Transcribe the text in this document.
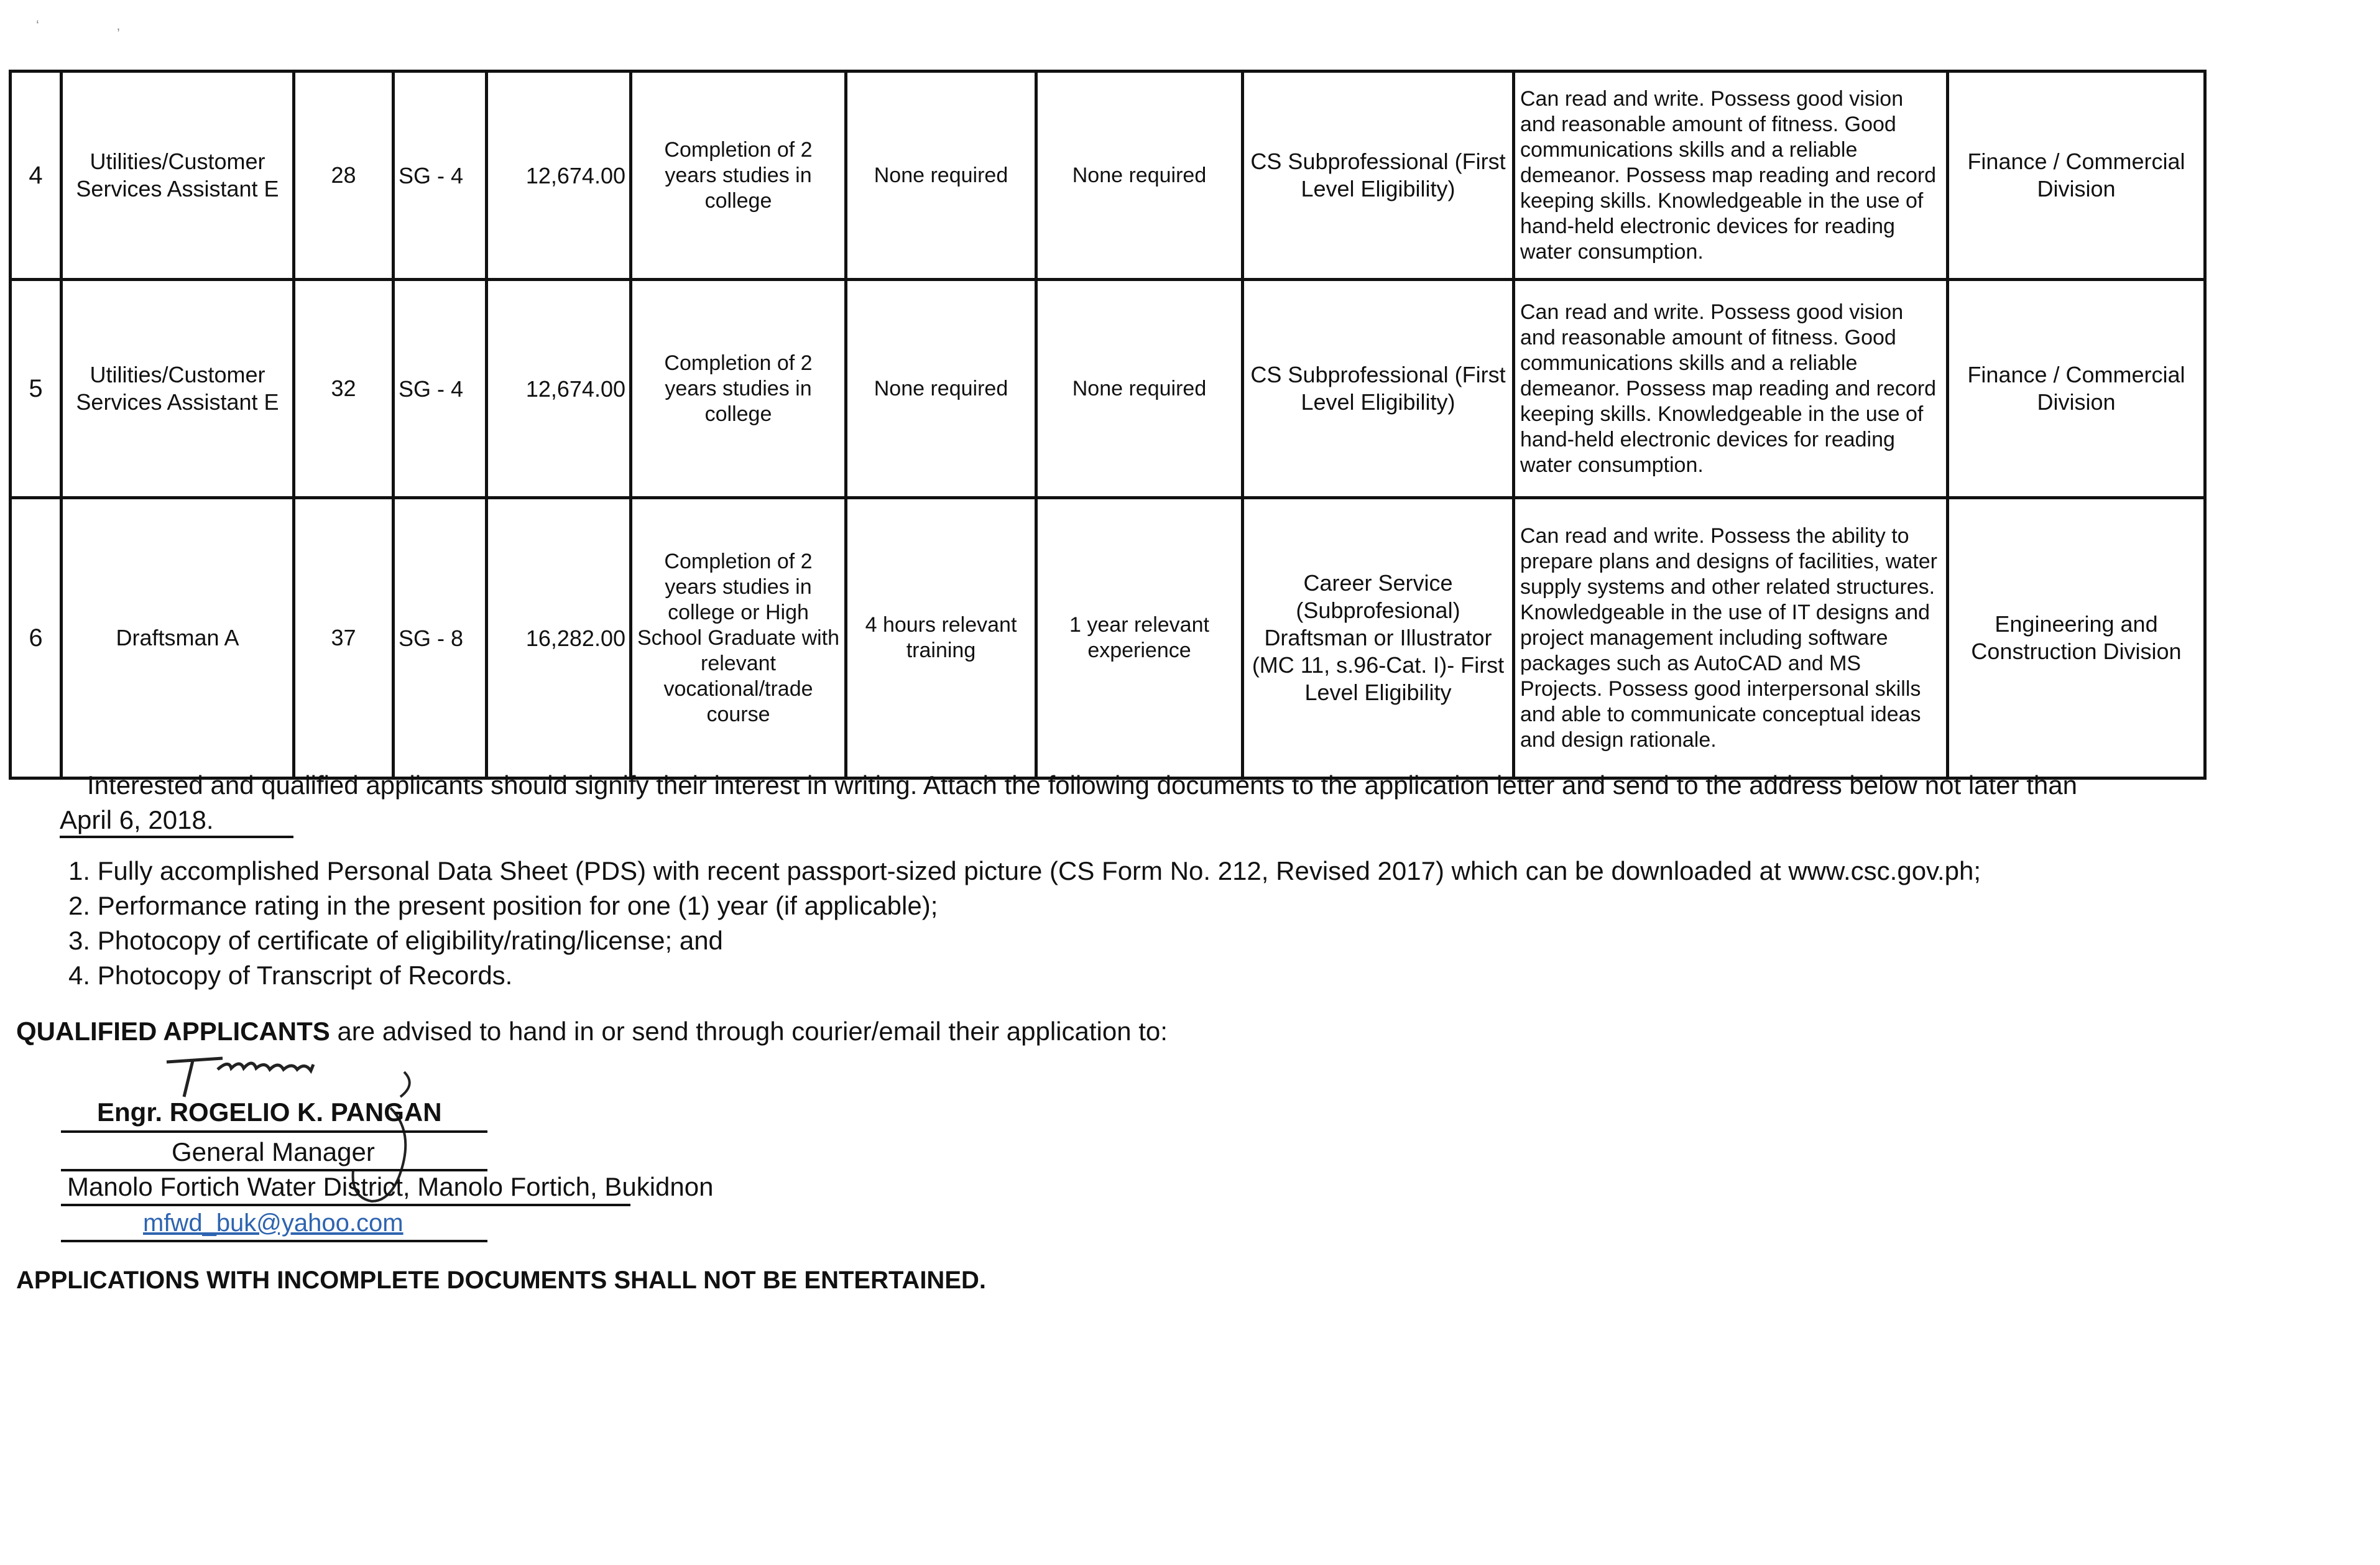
‘	‚
4	Utilities/Customer Services Assistant E	28	SG - 4	12,674.00	Completion of 2 years studies in college	None required	None required	CS Subprofessional (First Level Eligibility)	Can read and write. Possess good vision and reasonable amount of fitness. Good communications skills and a reliable demeanor. Possess map reading and record keeping skills. Knowledgeable in the use of hand-held electronic devices for reading water consumption.	Finance / Commercial Division
5	Utilities/Customer Services Assistant E	32	SG - 4	12,674.00	Completion of 2 years studies in college	None required	None required	CS Subprofessional (First Level Eligibility)	Can read and write. Possess good vision and reasonable amount of fitness. Good communications skills and a reliable demeanor. Possess map reading and record keeping skills. Knowledgeable in the use of hand-held electronic devices for reading water consumption.	Finance / Commercial Division
6	Draftsman A	37	SG - 8	16,282.00	Completion of 2 years studies in college or High School Graduate with relevant vocational/trade course	4 hours relevant training	1 year relevant experience	Career Service (Subprofesional) Draftsman or Illustrator (MC 11, s.96-Cat. I)- First Level Eligibility	Can read and write. Possess the ability to prepare plans and designs of facilities, water supply systems and other related structures. Knowledgeable in the use of IT designs and project management including software packages such as AutoCAD and MS Projects. Possess good interpersonal skills and able to communicate conceptual ideas and design rationale.	Engineering and Construction Division
Interested and qualified applicants should signify their interest in writing. Attach the following documents to the application letter and send to the address below not later than
April 6, 2018.
1. Fully accomplished Personal Data Sheet (PDS) with recent passport-sized picture (CS Form No. 212, Revised 2017) which can be downloaded at www.csc.gov.ph;
2. Performance rating in the present position for one (1) year (if applicable);
3. Photocopy of certificate of eligibility/rating/license; and
4. Photocopy of Transcript of Records.
QUALIFIED APPLICANTS are advised to hand in or send through courier/email their application to:
Engr. ROGELIO K. PANGAN
General Manager
Manolo Fortich Water District, Manolo Fortich, Bukidnon
mfwd_buk@yahoo.com
APPLICATIONS WITH INCOMPLETE DOCUMENTS SHALL NOT BE ENTERTAINED.
